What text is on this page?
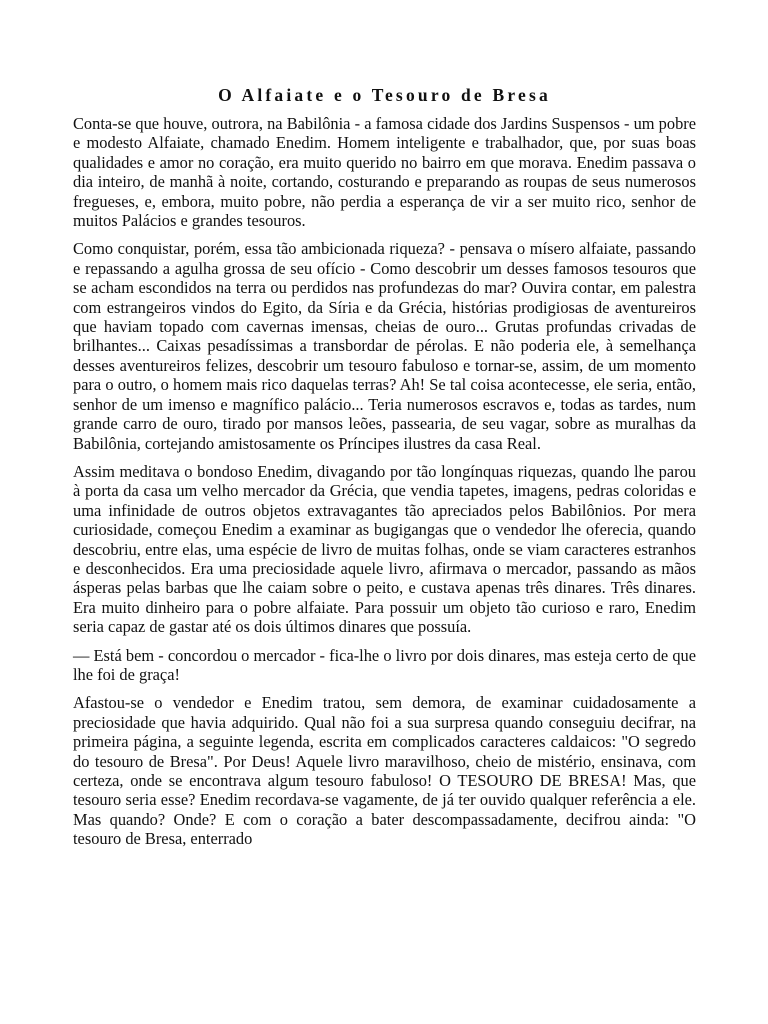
O Alfaiate e o Tesouro de Bresa

Conta-se que houve, outrora, na Babilônia - a famosa cidade dos Jardins Suspensos - um pobre e modesto Alfaiate, chamado Enedim. Homem inteligente e trabalhador, que, por suas boas qualidades e amor no coração, era muito querido no bairro em que morava. Enedim passava o dia inteiro, de manhã à noite, cortando, costurando e preparando as roupas de seus numerosos fregueses, e, embora, muito pobre, não perdia a esperança de vir a ser muito rico, senhor de muitos Palácios e grandes tesouros.

Como conquistar, porém, essa tão ambicionada riqueza? - pensava o mísero alfaiate, passando e repassando a agulha grossa de seu ofício - Como descobrir um desses famosos tesouros que se acham escondidos na terra ou perdidos nas profundezas do mar? Ouvira contar, em palestra com estrangeiros vindos do Egito, da Síria e da Grécia, histórias prodigiosas de aventureiros que haviam topado com cavernas imensas, cheias de ouro... Grutas profundas crivadas de brilhantes... Caixas pesadíssimas a transbordar de pérolas. E não poderia ele, à semelhança desses aventureiros felizes, descobrir um tesouro fabuloso e tornar-se, assim, de um momento para o outro, o homem mais rico daquelas terras? Ah! Se tal coisa acontecesse, ele seria, então, senhor de um imenso e magnífico palácio... Teria numerosos escravos e, todas as tardes, num grande carro de ouro, tirado por mansos leões, passearia, de seu vagar, sobre as muralhas da Babilônia, cortejando amistosamente os Príncipes ilustres da casa Real.

Assim meditava o bondoso Enedim, divagando por tão longínquas riquezas, quando lhe parou à porta da casa um velho mercador da Grécia, que vendia tapetes, imagens, pedras coloridas e uma infinidade de outros objetos extravagantes tão apreciados pelos Babilônios. Por mera curiosidade, começou Enedim a examinar as bugigangas que o vendedor lhe oferecia, quando descobriu, entre elas, uma espécie de livro de muitas folhas, onde se viam caracteres estranhos e desconhecidos. Era uma preciosidade aquele livro, afirmava o mercador, passando as mãos ásperas pelas barbas que lhe caiam sobre o peito, e custava apenas três dinares. Três dinares. Era muito dinheiro para o pobre alfaiate. Para possuir um objeto tão curioso e raro, Enedim seria capaz de gastar até os dois últimos dinares que possuía.

— Está bem - concordou o mercador - fica-lhe o livro por dois dinares, mas esteja certo de que lhe foi de graça!

Afastou-se o vendedor e Enedim tratou, sem demora, de examinar cuidadosamente a preciosidade que havia adquirido. Qual não foi a sua surpresa quando conseguiu decifrar, na primeira página, a seguinte legenda, escrita em complicados caracteres caldaicos: "O segredo do tesouro de Bresa". Por Deus! Aquele livro maravilhoso, cheio de mistério, ensinava, com certeza, onde se encontrava algum tesouro fabuloso! O TESOURO DE BRESA! Mas, que tesouro seria esse? Enedim recordava-se vagamente, de já ter ouvido qualquer referência a ele. Mas quando? Onde? E com o coração a bater descompassadamente, decifrou ainda: "O tesouro de Bresa, enterrado
